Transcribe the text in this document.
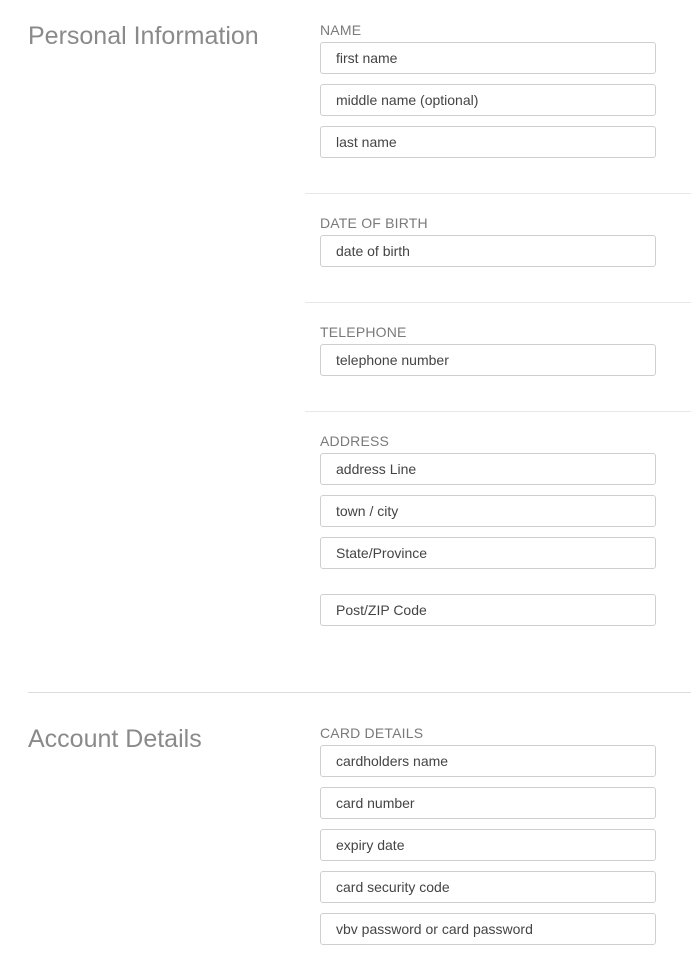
Personal Information	NAME
first name
middle name (optional)
last name
DATE OF BIRTH
date of birth
TELEPHONE
telephone number
ADDRESS
address Line
town / city
State/Province
Post/ZIP Code
Account Details	CARD DETAILS
cardholders name
card number
expiry date
card security code
